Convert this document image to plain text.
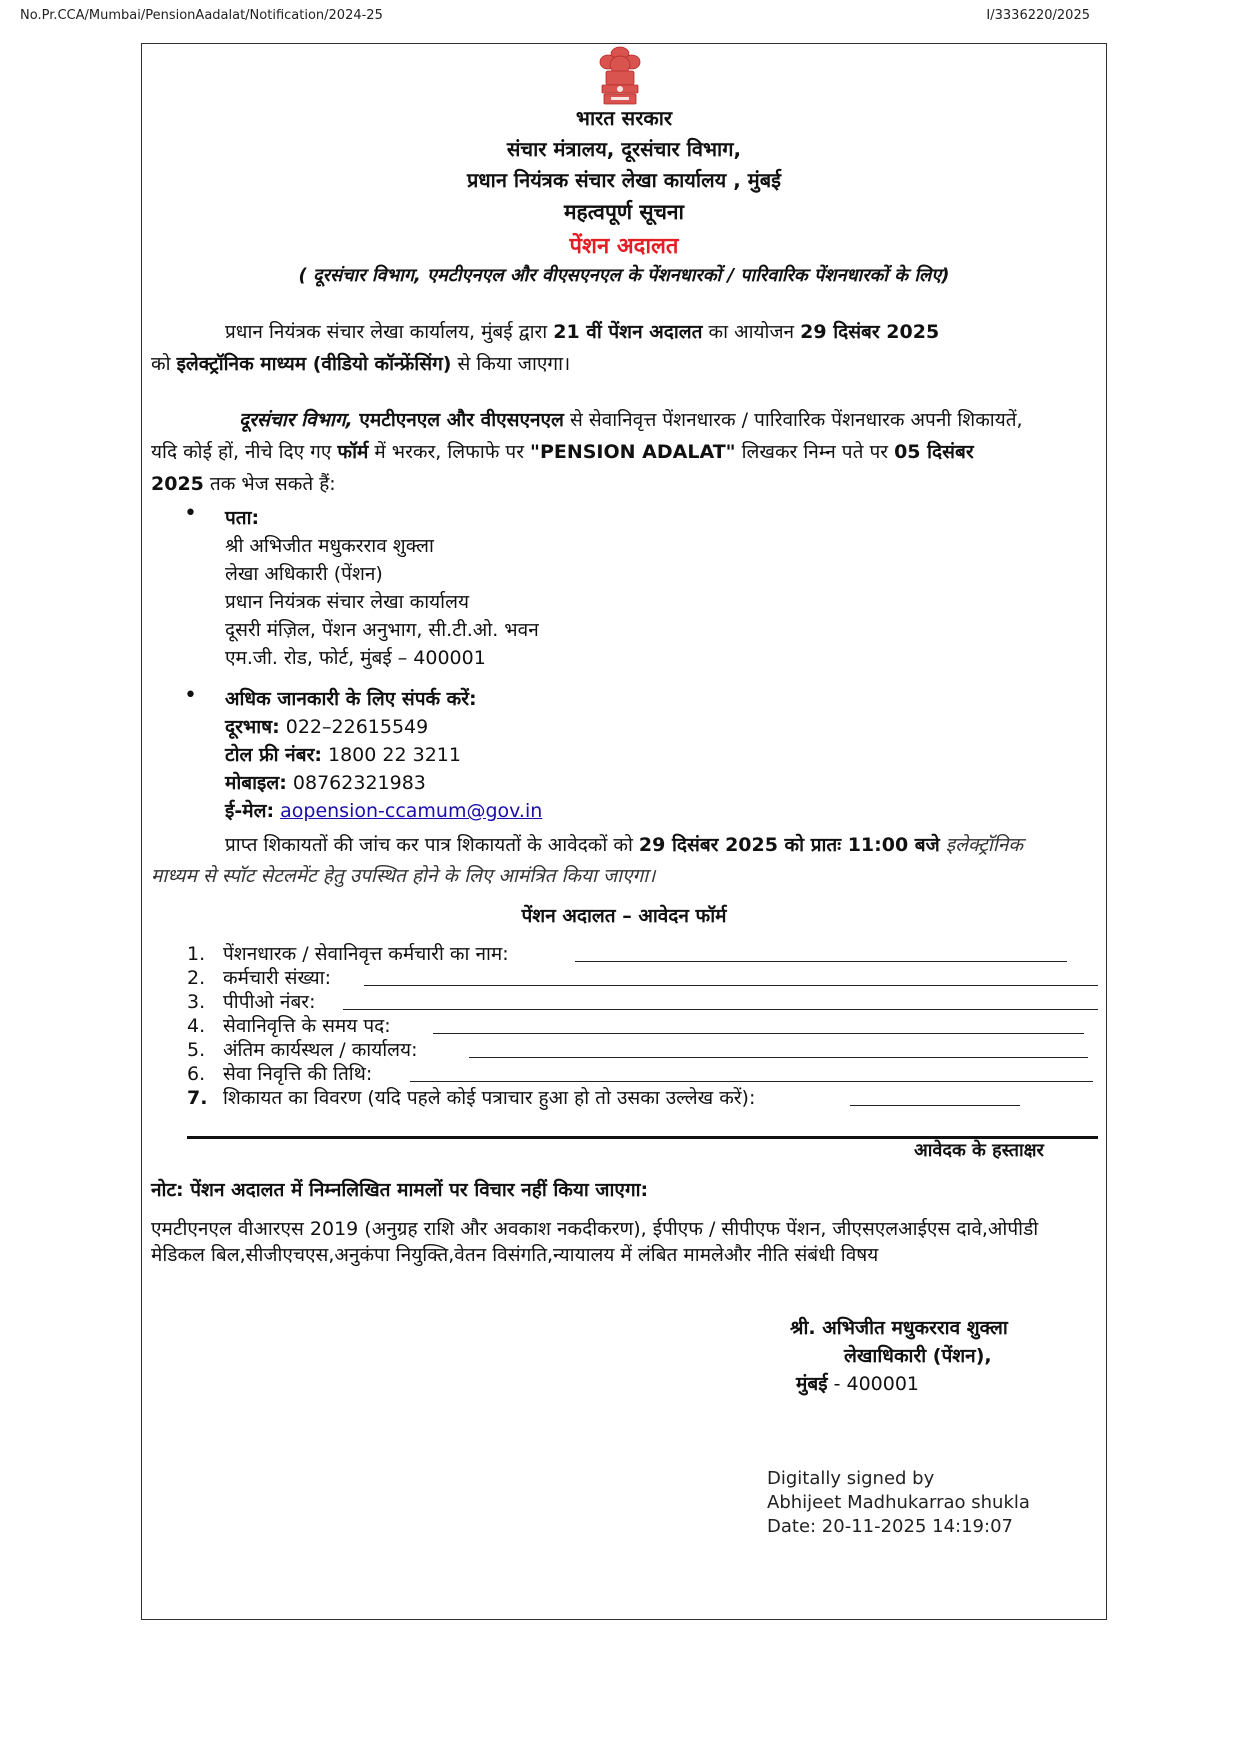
No.Pr.CCA/Mumbai/PensionAadalat/Notification/2024-25	I/3336220/2025
भारत सरकार
संचार मंत्रालय, दूरसंचार विभाग,
प्रधान नियंत्रक संचार लेखा कार्यालय , मुंबई
महत्वपूर्ण सूचना
पेंशन अदालत
( दूरसंचार विभाग, एमटीएनएल और वीएसएनएल के पेंशनधारकों / पारिवारिक पेंशनधारकों के लिए)
प्रधान नियंत्रक संचार लेखा कार्यालय, मुंबई द्वारा 21 वीं पेंशन अदालत का आयोजन 29 दिसंबर 2025
को इलेक्ट्रॉनिक माध्यम (वीडियो कॉन्फ्रेंसिंग) से किया जाएगा।
दूरसंचार विभाग, एमटीएनएल और वीएसएनएल से सेवानिवृत्त पेंशनधारक / पारिवारिक पेंशनधारक अपनी शिकायतें,
यदि कोई हों, नीचे दिए गए फॉर्म में भरकर, लिफाफे पर "PENSION ADALAT" लिखकर निम्न पते पर 05 दिसंबर
2025 तक भेज सकते हैं:
• पता:
श्री अभिजीत मधुकरराव शुक्ला
लेखा अधिकारी (पेंशन)
प्रधान नियंत्रक संचार लेखा कार्यालय
दूसरी मंज़िल, पेंशन अनुभाग, सी.टी.ओ. भवन
एम.जी. रोड, फोर्ट, मुंबई – 400001
• अधिक जानकारी के लिए संपर्क करें:
दूरभाष: 022–22615549
टोल फ्री नंबर: 1800 22 3211
मोबाइल: 08762321983
ई-मेल: aopension-ccamum@gov.in
प्राप्त शिकायतों की जांच कर पात्र शिकायतों के आवेदकों को 29 दिसंबर 2025 को प्रातः 11:00 बजे इलेक्ट्रॉनिक
माध्यम से स्पॉट सेटलमेंट हेतु उपस्थित होने के लिए आमंत्रित किया जाएगा।
पेंशन अदालत – आवेदन फॉर्म
1. पेंशनधारक / सेवानिवृत्त कर्मचारी का नाम:
2. कर्मचारी संख्या:
3. पीपीओ नंबर:
4. सेवानिवृत्ति के समय पद:
5. अंतिम कार्यस्थल / कार्यालय:
6. सेवा निवृत्ति की तिथि:
7. शिकायत का विवरण (यदि पहले कोई पत्राचार हुआ हो तो उसका उल्लेख करें):
आवेदक के हस्ताक्षर
नोट: पेंशन अदालत में निम्नलिखित मामलों पर विचार नहीं किया जाएगा:
एमटीएनएल वीआरएस 2019 (अनुग्रह राशि और अवकाश नकदीकरण), ईपीएफ / सीपीएफ पेंशन, जीएसएलआईएस दावे,ओपीडी मेडिकल बिल,सीजीएचएस,अनुकंपा नियुक्ति,वेतन विसंगति,न्यायालय में लंबित मामलेऔर नीति संबंधी विषय
श्री. अभिजीत मधुकरराव शुक्ला
लेखाधिकारी (पेंशन),
मुंबई - 400001
Digitally signed by
Abhijeet Madhukarrao shukla
Date: 20-11-2025 14:19:07
